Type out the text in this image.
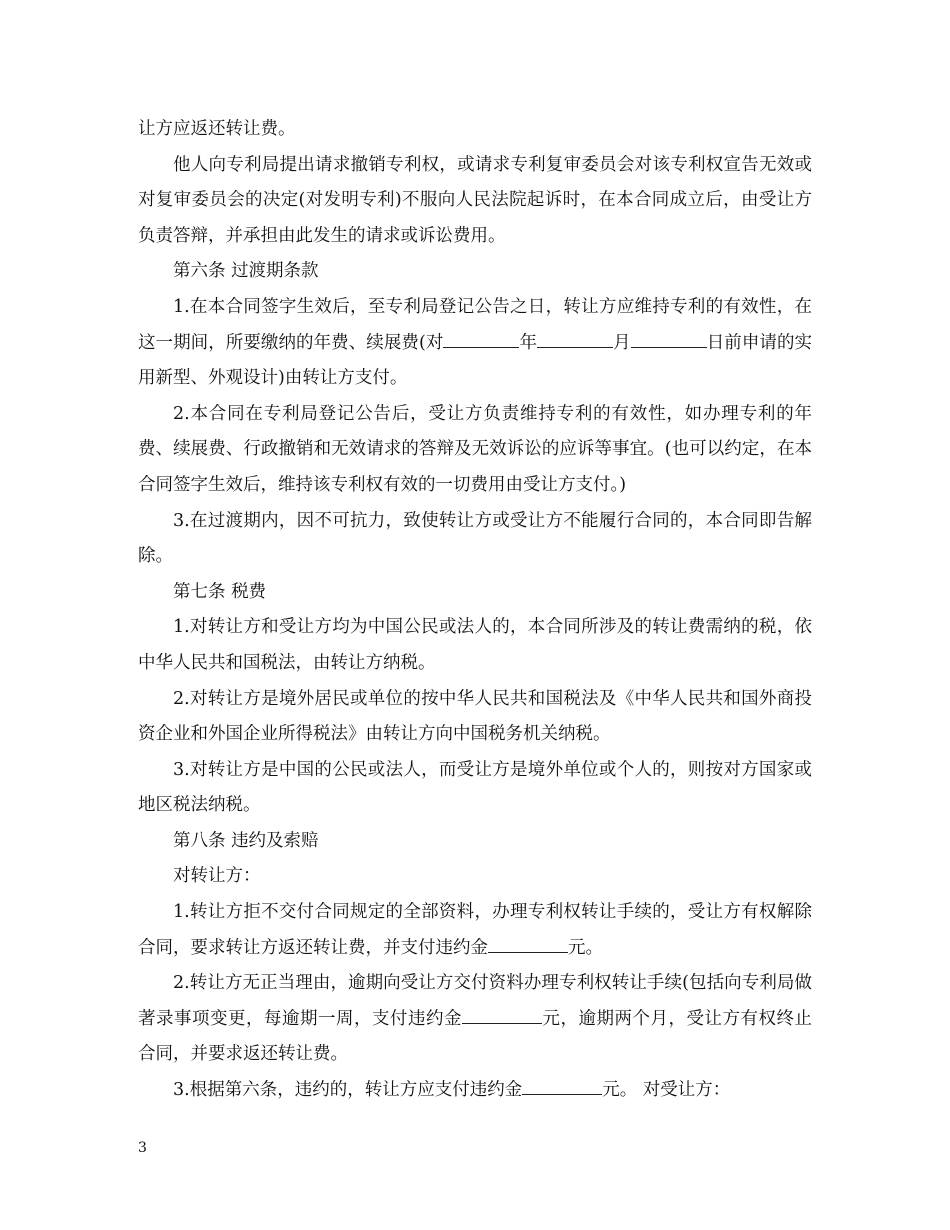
让方应返还转让费。

他人向专利局提出请求撤销专利权，或请求专利复审委员会对该专利权宣告无效或对复审委员会的决定(对发明专利)不服向人民法院起诉时，在本合同成立后，由受让方负责答辩，并承担由此发生的请求或诉讼费用。

第六条 过渡期条款

1.在本合同签字生效后，至专利局登记公告之日，转让方应维持专利的有效性，在这一期间，所要缴纳的年费、续展费(对	年	月	日前申请的实用新型、外观设计)由转让方支付。

2.本合同在专利局登记公告后，受让方负责维持专利的有效性，如办理专利的年费、续展费、行政撤销和无效请求的答辩及无效诉讼的应诉等事宜。(也可以约定，在本合同签字生效后，维持该专利权有效的一切费用由受让方支付。)

3.在过渡期内，因不可抗力，致使转让方或受让方不能履行合同的，本合同即告解除。

第七条 税费

1.对转让方和受让方均为中国公民或法人的，本合同所涉及的转让费需纳的税，依中华人民共和国税法，由转让方纳税。

2.对转让方是境外居民或单位的按中华人民共和国税法及《中华人民共和国外商投资企业和外国企业所得税法》由转让方向中国税务机关纳税。

3.对转让方是中国的公民或法人，而受让方是境外单位或个人的，则按对方国家或地区税法纳税。

第八条 违约及索赔

对转让方：

1.转让方拒不交付合同规定的全部资料，办理专利权转让手续的，受让方有权解除合同，要求转让方返还转让费，并支付违约金	元。

2.转让方无正当理由，逾期向受让方交付资料办理专利权转让手续(包括向专利局做著录事项变更，每逾期一周，支付违约金	元，逾期两个月，受让方有权终止合同，并要求返还转让费。

3.根据第六条，违约的，转让方应支付违约金	元。 对受让方：

3
